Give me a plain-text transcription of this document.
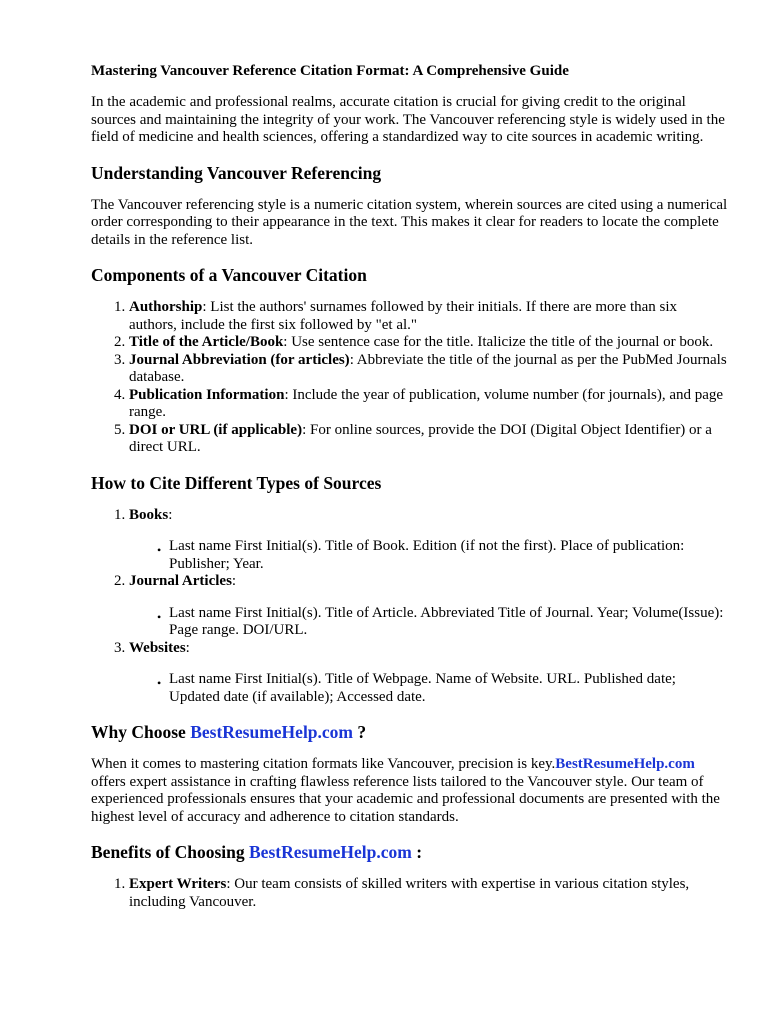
Mastering Vancouver Reference Citation Format: A Comprehensive Guide

In the academic and professional realms, accurate citation is crucial for giving credit to the original sources and maintaining the integrity of your work. The Vancouver referencing style is widely used in the field of medicine and health sciences, offering a standardized way to cite sources in academic writing.

Understanding Vancouver Referencing

The Vancouver referencing style is a numeric citation system, wherein sources are cited using a numerical order corresponding to their appearance in the text. This makes it clear for readers to locate the complete details in the reference list.

Components of a Vancouver Citation
1. Authorship: List the authors' surnames followed by their initials. If there are more than six authors, include the first six followed by "et al."
2. Title of the Article/Book: Use sentence case for the title. Italicize the title of the journal or book.
3. Journal Abbreviation (for articles): Abbreviate the title of the journal as per the PubMed Journals database.
4. Publication Information: Include the year of publication, volume number (for journals), and page range.
5. DOI or URL (if applicable): For online sources, provide the DOI (Digital Object Identifier) or a direct URL.
How to Cite Different Types of Sources
1. Books:
• Last name First Initial(s). Title of Book. Edition (if not the first). Place of publication: Publisher; Year.
2. Journal Articles:
• Last name First Initial(s). Title of Article. Abbreviated Title of Journal. Year; Volume(Issue): Page range. DOI/URL.
3. Websites:
• Last name First Initial(s). Title of Webpage. Name of Website. URL. Published date; Updated date (if available); Accessed date.
Why Choose BestResumeHelp.com ?

When it comes to mastering citation formats like Vancouver, precision is key.BestResumeHelp.com offers expert assistance in crafting flawless reference lists tailored to the Vancouver style. Our team of experienced professionals ensures that your academic and professional documents are presented with the highest level of accuracy and adherence to citation standards.

Benefits of Choosing BestResumeHelp.com :
1. Expert Writers: Our team consists of skilled writers with expertise in various citation styles, including Vancouver.
